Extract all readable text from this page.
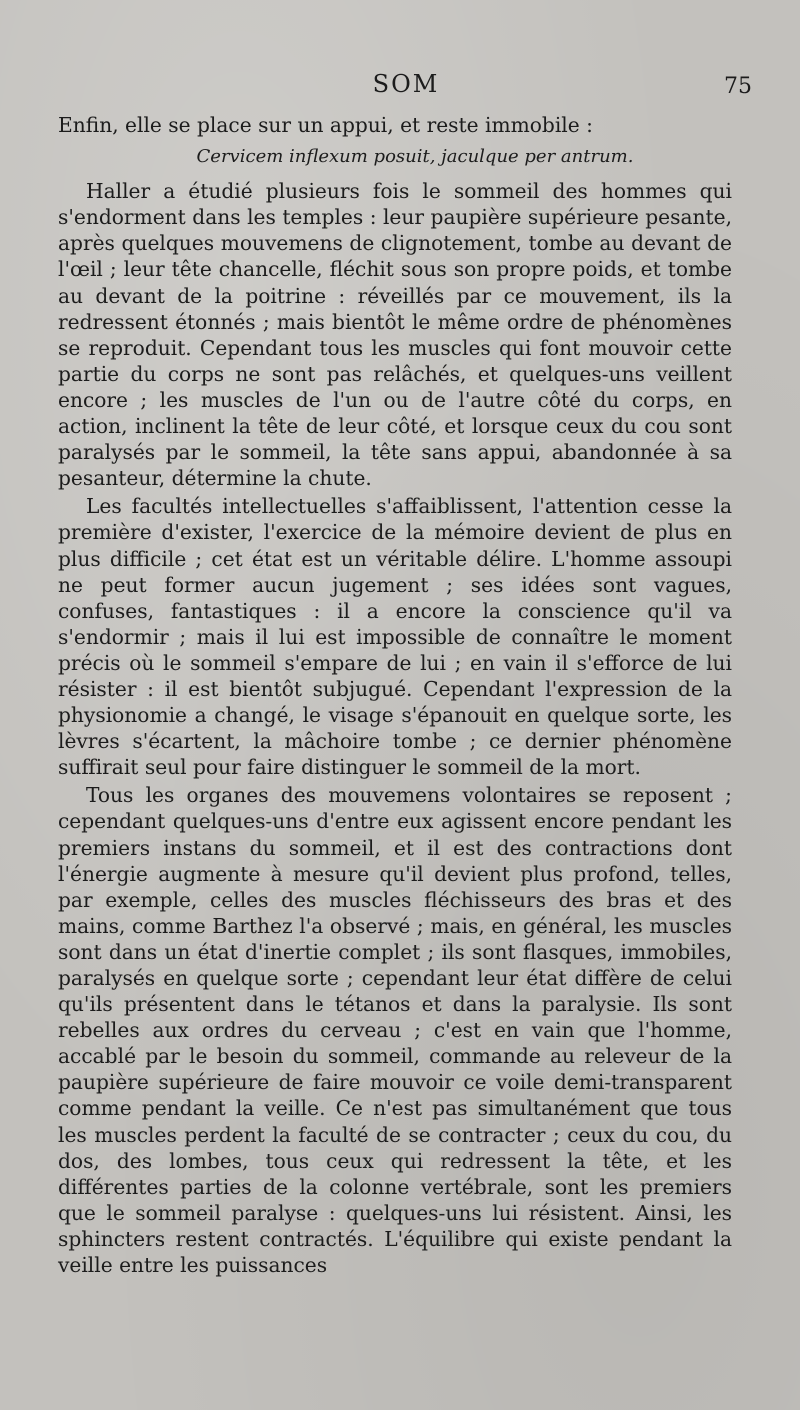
SOM	75

Enfin, elle se place sur un appui, et reste immobile :

Cervicem inflexum posuit, jaculque per antrum.

Haller a étudié plusieurs fois le sommeil des hommes qui s'endorment dans les temples : leur paupière supérieure pesante, après quelques mouvemens de clignotement, tombe au devant de l'œil ; leur tête chancelle, fléchit sous son propre poids, et tombe au devant de la poitrine : réveillés par ce mouvement, ils la redressent étonnés ; mais bientôt le même ordre de phénomènes se reproduit. Cependant tous les muscles qui font mouvoir cette partie du corps ne sont pas relâchés, et quelques-uns veillent encore ; les muscles de l'un ou de l'autre côté du corps, en action, inclinent la tête de leur côté, et lorsque ceux du cou sont paralysés par le sommeil, la tête sans appui, abandonnée à sa pesanteur, détermine la chute.

Les facultés intellectuelles s'affaiblissent, l'attention cesse la première d'exister, l'exercice de la mémoire devient de plus en plus difficile ; cet état est un véritable délire. L'homme assoupi ne peut former aucun jugement ; ses idées sont vagues, confuses, fantastiques : il a encore la conscience qu'il va s'endormir ; mais il lui est impossible de connaître le moment précis où le sommeil s'empare de lui ; en vain il s'efforce de lui résister : il est bientôt subjugué. Cependant l'expression de la physionomie a changé, le visage s'épanouit en quelque sorte, les lèvres s'écartent, la mâchoire tombe ; ce dernier phénomène suffirait seul pour faire distinguer le sommeil de la mort.

Tous les organes des mouvemens volontaires se reposent ; cependant quelques-uns d'entre eux agissent encore pendant les premiers instans du sommeil, et il est des contractions dont l'énergie augmente à mesure qu'il devient plus profond, telles, par exemple, celles des muscles fléchisseurs des bras et des mains, comme Barthez l'a observé ; mais, en général, les muscles sont dans un état d'inertie complet ; ils sont flasques, immobiles, paralysés en quelque sorte ; cependant leur état diffère de celui qu'ils présentent dans le tétanos et dans la paralysie. Ils sont rebelles aux ordres du cerveau ; c'est en vain que l'homme, accablé par le besoin du sommeil, commande au releveur de la paupière supérieure de faire mouvoir ce voile demi-transparent comme pendant la veille. Ce n'est pas simultanément que tous les muscles perdent la faculté de se contracter ; ceux du cou, du dos, des lombes, tous ceux qui redressent la tête, et les différentes parties de la colonne vertébrale, sont les premiers que le sommeil paralyse : quelques-uns lui résistent. Ainsi, les sphincters restent contractés. L'équilibre qui existe pendant la veille entre les puissances
